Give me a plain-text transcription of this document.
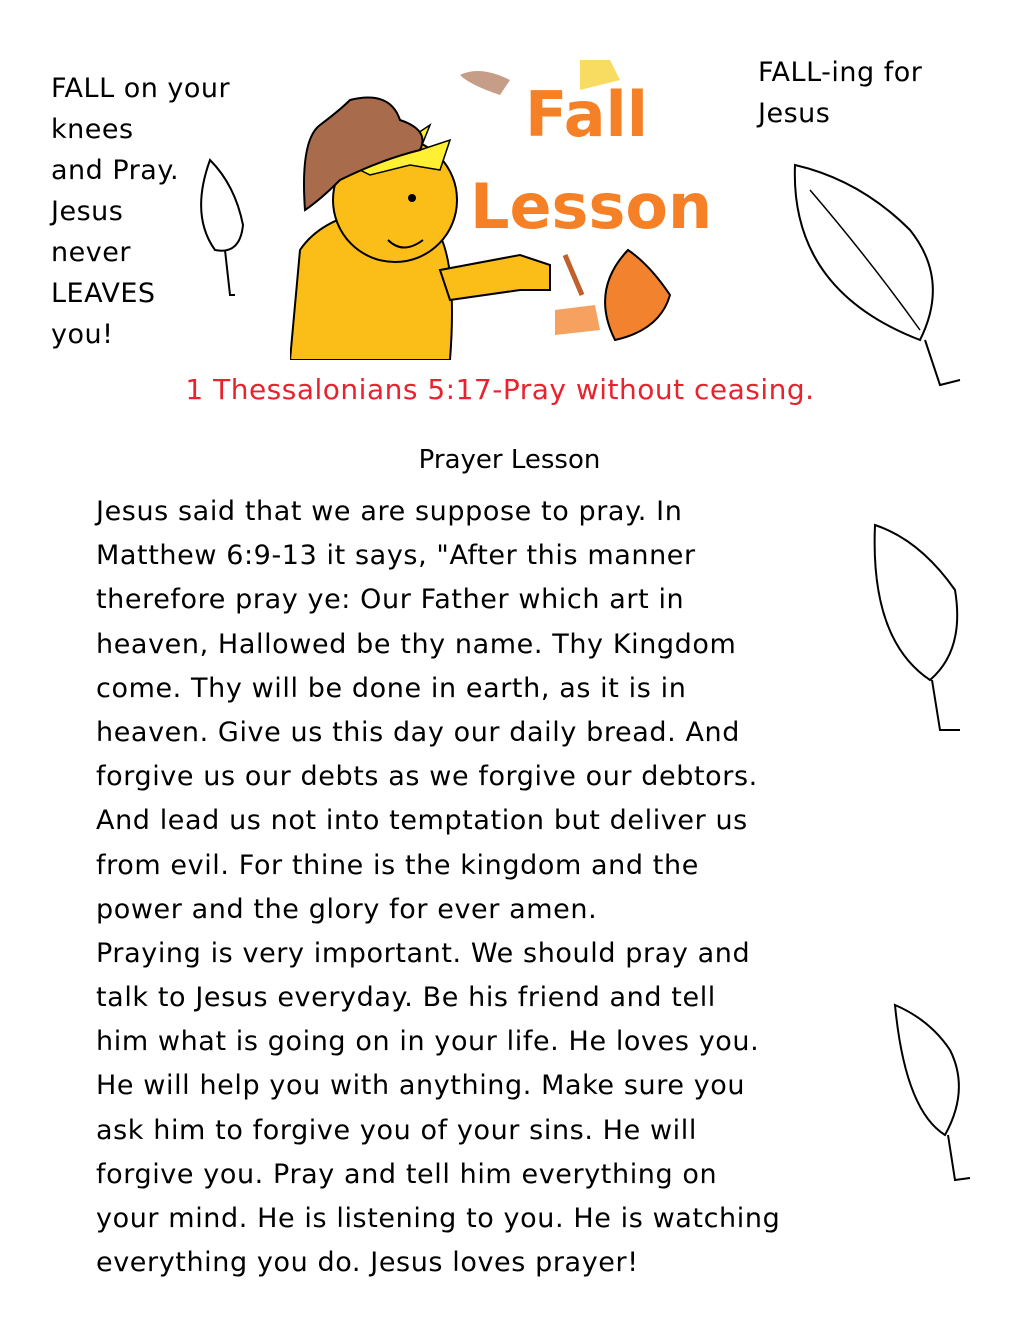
FALL on your
knees
and Pray.
Jesus
never
LEAVES
you!
FALL-ing for
Jesus
Fall
Lesson
1 Thessalonians 5:17-Pray without ceasing.
Prayer Lesson
Jesus said that we are suppose to pray. In
Matthew 6:9-13 it says, "After this manner
therefore pray ye: Our Father which art in
heaven, Hallowed be thy name. Thy Kingdom
come. Thy will be done in earth, as it is in
heaven. Give us this day our daily bread. And
forgive us our debts as we forgive our debtors.
And lead us not into temptation but deliver us
from evil. For thine is the kingdom and the
power and the glory for ever amen.
Praying is very important. We should pray and
talk to Jesus everyday. Be his friend and tell
him what is going on in your life. He loves you.
He will help you with anything. Make sure you
ask him to forgive you of your sins. He will
forgive you. Pray and tell him everything on
your mind. He is listening to you. He is watching
everything you do. Jesus loves prayer!
